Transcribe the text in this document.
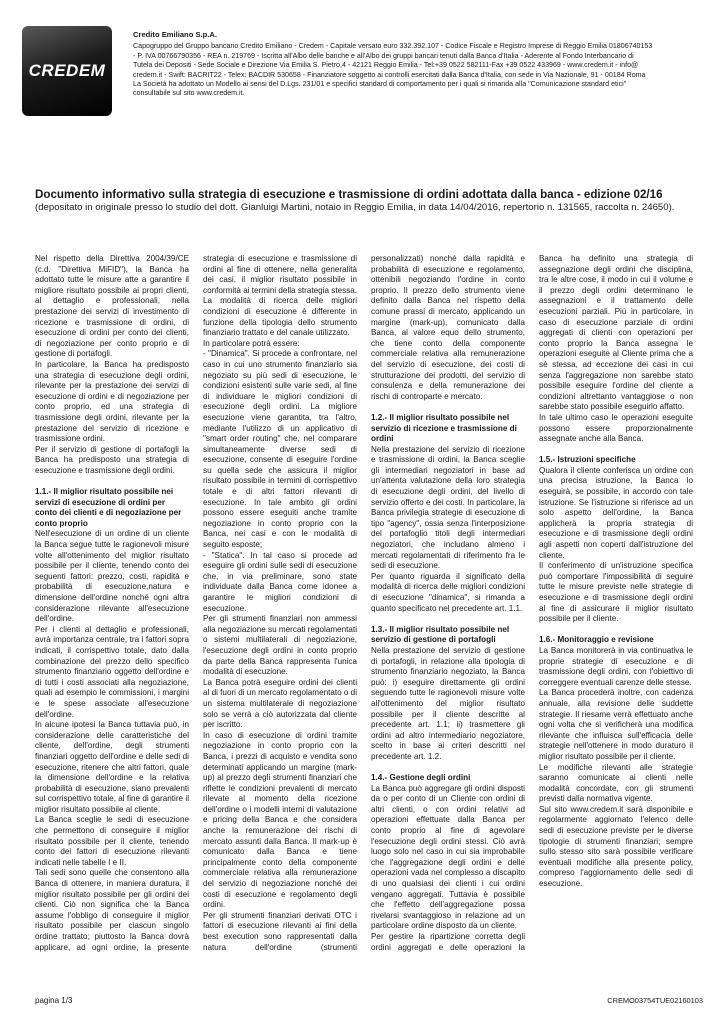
CREDEM
Credito Emiliano S.p.A.
Capogruppo del Gruppo bancario Credito Emiliano - Credem - Capitale versato euro 332.392.107 - Codice Fiscale e Registro Imprese di Reggio Emilia 01806740153
- P. IVA 00766790356 - REA n. 219769 - Iscritta all'Albo delle banche e all'Albo dei gruppi bancari tenuti dalla Banca d'Italia - Aderente al Fondo Interbancario di
Tutela dei Depositi - Sede Sociale e Direzione Via Emilia S. Pietro,4 - 42121 Reggio Emilia - Tel:+39 0522 582111-Fax +39 0522 433969 - www.credem.it - info@
credem.it - Swift: BACRIT22 - Telex: BACDIR 530658 - Finanziatore soggetto ai controlli esercitati dalla Banca d'Italia, con sede in Via Nazionale, 91 - 00184 Roma
La Società ha adottato un Modello ai sensi del D.Lgs. 231/01 e specifici standard di comportamento per i quali si rimanda alla "Comunicazione standard etici"
consultabile sul sito www.credem.it.

Documento informativo sulla strategia di esecuzione e trasmissione di ordini adottata dalla banca - edizione 02/16

(depositato in originale presso lo studio del dott. Gianluigi Martini, notaio in Reggio Emilia, in data 14/04/2016, repertorio n. 131565, raccolta n. 24650).

Nel rispetto della Direttiva 2004/39/CE (c.d. "Direttiva MiFID"), la Banca ha adottato tutte le misure atte a garantire il migliore risultato possibile ai propri clienti, al dettaglio e professionali, nella prestazione dei servizi di investimento di ricezione e trasmissione di ordini, di esecuzione di ordini per conto dei clienti, di negoziazione per conto proprio e di gestione di portafogli.

In particolare, la Banca ha predisposto una strategia di esecuzione degli ordini, rilevante per la prestazione dei servizi di esecuzione di ordini e di negoziazione per conto proprio, ed una strategia di trasmissione degli ordini, rilevante per la prestazione del servizio di ricezione e trasmissione ordini.

Per il servizio di gestione di portafogli la Banca ha predisposto una strategia di esecuzione e trasmissione degli ordini.

1.1.- Il miglior risultato possibile nei servizi di esecuzione di ordini per conto dei clienti e di negoziazione per conto proprio

Nell'esecuzione di un ordine di un cliente la Banca segue tutte le ragionevoli misure volte all'ottenimento del miglior risultato possibile per il cliente, tenendo conto dei seguenti fattori: prezzo, costi, rapidità e probabilità di esecuzione,natura e dimensione dell'ordine nonché ogni altra considerazione rilevante all'esecuzione dell'ordine.

Per i clienti al dettaglio e professionali, avrà importanza centrale, tra i fattori sopra indicati, il corrispettivo totale, dato dalla combinazione del prezzo dello specifico strumento finanziario oggetto dell'ordine e di tutti i costi associati alla negoziazione, quali ad esempio le commissioni, i margini e le spese associate all'esecuzione dell'ordine.

In alcune ipotesi la Banca tuttavia può, in considerazione delle caratteristiche del cliente, dell'ordine, degli strumenti finanziari oggetto dell'ordine e delle sedi di esecuzione, ritenere che altri fattori, quale la dimensione dell'ordine e la relativa probabilità di esecuzione, siano prevalenti sul corrispettivo totale, al fine di garantire il miglior risultato possibile al cliente.

La Banca sceglie le sedi di esecuzione che permettono di conseguire il miglior risultato possibile per il cliente, tenendo conto dei fattori di esecuzione rilevanti indicati nelle tabelle I e II.

Tali sedi sono quelle che consentono alla Banca di ottenere, in maniera duratura, il miglior risultato possibile per gli ordini dei clienti. Ciò non significa che la Banca assume l'obbligo di conseguire il miglior risultato possibile per ciascun singolo ordine trattato; piuttosto la Banca dovrà applicare, ad ogni ordine, la presente strategia di esecuzione e trasmissione di ordini al fine di ottenere, nella generalità dei casi, il miglior risultato possibile in conformità ai termini della strategia stessa.

La modalità di ricerca delle migliori condizioni di esecuzione è differente in funzione della tipologia dello strumento finanziario trattato e del canale utilizzato.

In particolare potrà essere:

- "Dinamica". Si procede a confrontare, nel caso in cui uno strumento finanziario sia negoziato su più sedi di esecuzione, le condizioni esistenti sulle varie sedi, al fine di individuare le migliori condizioni di esecuzione degli ordini. La migliore esecuzione viene garantita, tra l'altro, mediante l'utilizzo di un applicativo di "smart order routing" che, nel comparare simultaneamente diverse sedi di esecuzione, consente di eseguire l'ordine su quella sede che assicura il miglior risultato possibile in termini di corrispettivo totale e di altri fattori rilevanti di esecuzione. In tale ambito gli ordini possono essere eseguiti anche tramite negoziazione in conto proprio con la Banca, nei casi e con le modalità di seguito esposte;

- "Statica". In tal caso si procede ad eseguire gli ordini sulle sedi di esecuzione che, in via preliminare, sono state individuate dalla Banca come idonee a garantire le migliori condizioni di esecuzione.

Per gli strumenti finanziari non ammessi alla negoziazione su mercati regolamentati o sistemi multilaterali di negoziazione, l'esecuzione degli ordini in conto proprio da parte della Banca rappresenta l'unica modalità di esecuzione.

La Banca potrà eseguire ordini dei clienti al di fuori di un mercato regolamentato o di un sistema multilaterale di negoziazione solo se verrà a ciò autorizzata dal cliente per iscritto.

In caso di esecuzione di ordini tramite negoziazione in conto proprio con la Banca, i prezzi di acquisto e vendita sono determinati applicando un margine (mark-up) al prezzo degli strumenti finanziari che riflette le condizioni prevalenti di mercato rilevate al momento della ricezione dell'ordine o i modelli interni di valutazione e pricing della Banca e che considera anche la remunerazione dei rischi di mercato assunti dalla Banca. Il mark-up è comunicato dalla Banca e tiene principalmente conto della componente commerciale relativa alla remunerazione del servizio di negoziazione nonché dei costi di esecuzione e regolamento degli ordini.

Per gli strumenti finanziari derivati OTC i fattori di esecuzione rilevanti ai fini della best execution sono rappresentati dalla natura dell'ordine (strumenti personalizzati) nonché dalla rapidità e probabilità di esecuzione e regolamento, ottenibili negoziando l'ordine in conto proprio. Il prezzo dello strumento viene definito dalla Banca nel rispetto della comune prassi di mercato, applicando un margine (mark-up), comunicato dalla Banca, al valore equo dello strumento, che tiene conto della componente commerciale relativa alla remunerazione del servizio di esecuzione, dei costi di strutturazione dei prodotti, del servizio di consulenza e della remunerazione dei rischi di controparte e mercato.

1.2.- Il miglior risultato possibile nel servizio di ricezione e trasmissione di ordini

Nella prestazione del servizio di ricezione e trasmissione di ordini, la Banca sceglie gli intermediari negoziatori in base ad un'attenta valutazione della loro strategia di esecuzione degli ordini, del livello di servizio offerto e dei costi. In particolare, la Banca privilegia strategie di esecuzione di tipo "agency", ossia senza l'interposizione del portafoglio titoli degli intermediari negoziatori, che includano almeno i mercati regolamentati di riferimento fra le sedi di esecuzione.

Per quanto riguarda il significato della modalità di ricerca delle migliori condizioni di esecuzione "dinamica", si rimanda a quanto specificato nel precedente art. 1.1.

1.3.- Il miglior risultato possibile nel servizio di gestione di portafogli

Nella prestazione del servizio di gestione di portafogli, in relazione alla tipologia di strumento finanziario negoziato, la Banca può: i) eseguire direttamente gli ordini seguendo tutte le ragionevoli misure volte all'ottenimento del miglior risultato possibile per il cliente descritte al precedente art. 1.1; ii) trasmettere gli ordini ad altro intermediario negoziatore, scelto in base ai criteri descritti nel precedente art. 1.2.

1.4.- Gestione degli ordini

La Banca può aggregare gli ordini disposti da o per conto di un Cliente con ordini di altri clienti, o con ordini relativi ad operazioni effettuate dalla Banca per conto proprio al fine di agevolare l'esecuzione degli ordini stessi. Ciò avrà luogo solo nel caso in cui sia improbabile che l'aggregazione degli ordini e delle operazioni vada nel complesso a discapito di uno qualsiasi dei clienti i cui ordini vengano aggregati. Tuttavia è possibile che l'effetto dell'aggregazione possa rivelarsi svantaggioso in relazione ad un particolare ordine disposto da un cliente.

Per gestire la ripartizione corretta degli ordini aggregati e delle operazioni la Banca ha definito una strategia di assegnazione degli ordini che disciplina, tra le altre cose, il modo in cui il volume e il prezzo degli ordini determinano le assegnazioni e il trattamento delle esecuzioni parziali. Più in particolare, in caso di esecuzione parziale di ordini aggregati di clienti con operazioni per conto proprio la Banca assegna le operazioni eseguite al Cliente prima che a sé stessa, ad eccezione dei casi in cui senza l'aggregazione non sarebbe stato possibile eseguire l'ordine del cliente a condizioni altrettanto vantaggiose o non sarebbe stato possibile eseguirlo affatto.

In tale ultimo caso le operazioni eseguite possono essere proporzionalmente assegnate anche alla Banca.

1.5.- Istruzioni specifiche

Qualora il cliente conferisca un ordine con una precisa istruzione, la Banca lo eseguirà, se possibile, in accordo con tale istruzione. Se l'istruzione si riferisce ad un solo aspetto dell'ordine, la Banca applicherà la propria strategia di esecuzione e di trasmissione degli ordini agli aspetti non coperti dall'istruzione del cliente.

Il conferimento di un'istruzione specifica può comportare l'impossibilità di seguire tutte le misure previste nelle strategie di esecuzione e di trasmissione degli ordini al fine di assicurare il miglior risultato possibile per il cliente.

1.6.- Monitoraggio e revisione

La Banca monitorerà in via continuativa le proprie strategie di esecuzione e di trasmissione degli ordini, con l'obiettivo di correggere eventuali carenze delle stesse.

La Banca procederà inoltre, con cadenza annuale, alla revisione delle suddette strategie. Il riesame verrà effettuato anche ogni volta che si verificherà una modifica rilevante che influisca sull'efficacia delle strategie nell'ottenere in modo duraturo il miglior risultato possibile per il cliente.

Le modifiche rilevanti alle strategie saranno comunicate ai clienti nelle modalità concordate, con gli strumenti previsti dalla normativa vigente.

Sul sito www.credem.it sarà disponibile e regolarmente aggiornato l'elenco delle sedi di esecuzione previste per le diverse tipologie di strumenti finanziari; sempre sullo stesso sito sarà possibile verificare eventuali modifiche alla presente policy, compreso l'aggiornamento delle sedi di esecuzione.

pagina 1/3	CREMO03754TUE02160103
